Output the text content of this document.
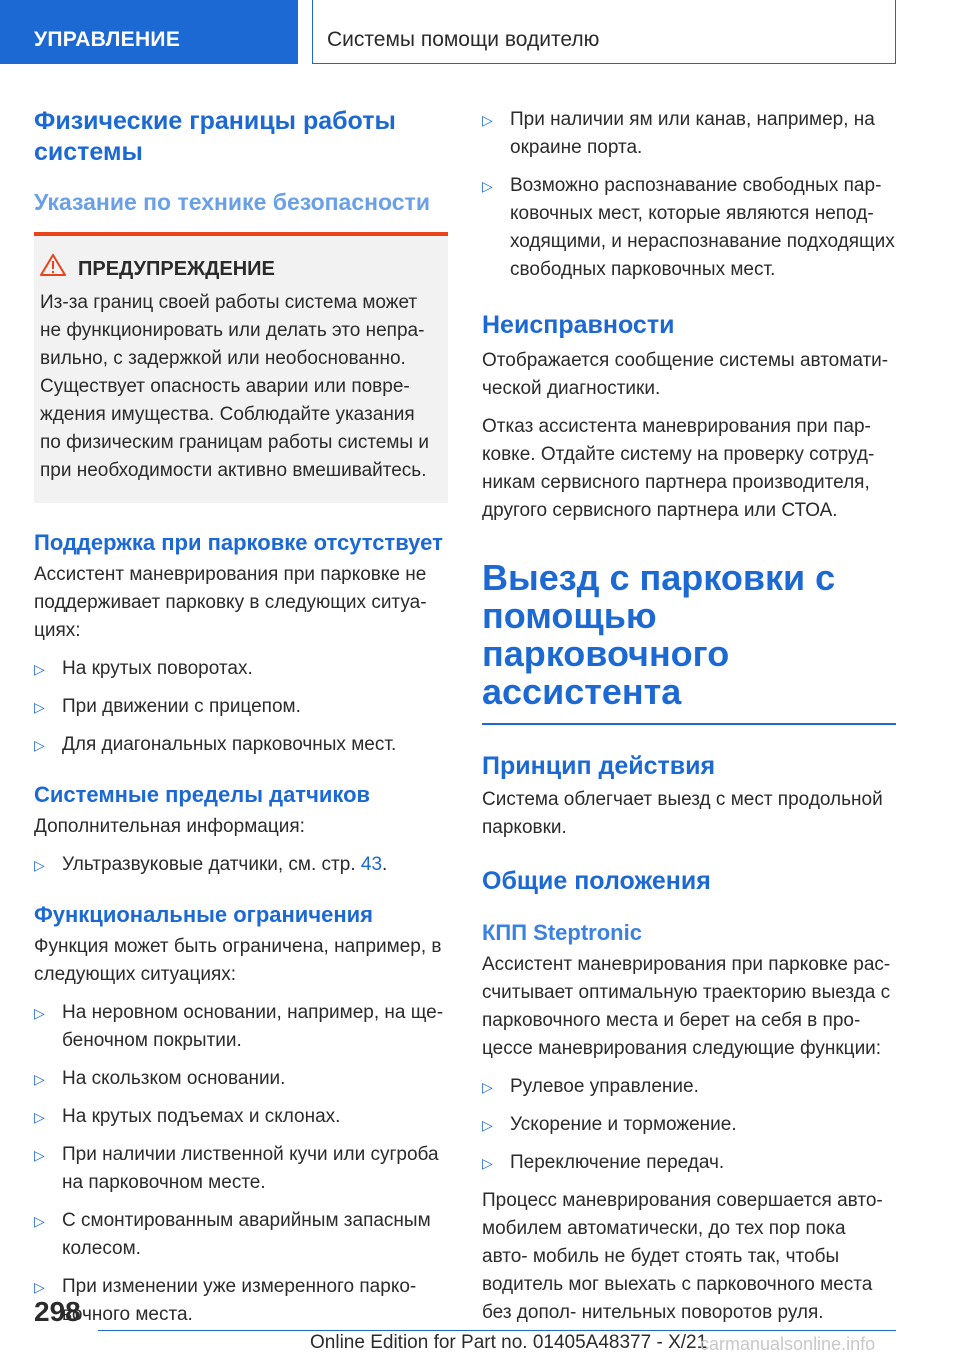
УПРАВЛЕНИЕ	Системы помощи водителю
Физические границы работы системы
Указание по технике безопасности
ПРЕДУПРЕЖДЕНИЕ

Из-за границ своей работы система может не функционировать или делать это непра- вильно, с задержкой или необоснованно. Существует опасность аварии или повре- ждения имущества. Соблюдайте указания по физическим границам работы системы и при необходимости активно вмешивайтесь.

Поддержка при парковке отсутствует

Ассистент маневрирования при парковке не поддерживает парковку в следующих ситуа- циях:

▷ На крутых поворотах.
▷ При движении с прицепом.
▷ Для диагональных парковочных мест.
Системные пределы датчиков

Дополнительная информация:

▷ Ультразвуковые датчики, см. стр. 43.
Функциональные ограничения

Функция может быть ограничена, например, в следующих ситуациях:

▷ На неровном основании, например, на ще- беночном покрытии.
▷ На скользком основании.
▷ На крутых подъемах и склонах.
▷ При наличии лиственной кучи или сугроба на парковочном месте.
▷ С смонтированным аварийным запасным колесом.
▷ При изменении уже измеренного парко- вочного места.
▷ При наличии ям или канав, например, на окраине порта.
▷ Возможно распознавание свободных пар- ковочных мест, которые являются непод- ходящими, и нераспознавание подходящих свободных парковочных мест.
Неисправности

Отображается сообщение системы автомати- ческой диагностики.

Отказ ассистента маневрирования при пар- ковке. Отдайте систему на проверку сотруд- никам сервисного партнера производителя, другого сервисного партнера или СТОА.

Выезд с парковки с помощью парковочного ассистента
Принцип действия

Система облегчает выезд с мест продольной парковки.

Общие положения
КПП Steptronic

Ассистент маневрирования при парковке рас- считывает оптимальную траекторию выезда с парковочного места и берет на себя в про- цессе маневрирования следующие функции:

▷ Рулевое управление.
▷ Ускорение и торможение.
▷ Переключение передач.

Процесс маневрирования совершается авто- мобилем автоматически, до тех пор пока авто- мобиль не будет стоять так, чтобы водитель мог выехать с парковочного места без допол- нительных поворотов руля.

298
Online Edition for Part no. 01405A48377 - X/21
carmanualsonline.info
